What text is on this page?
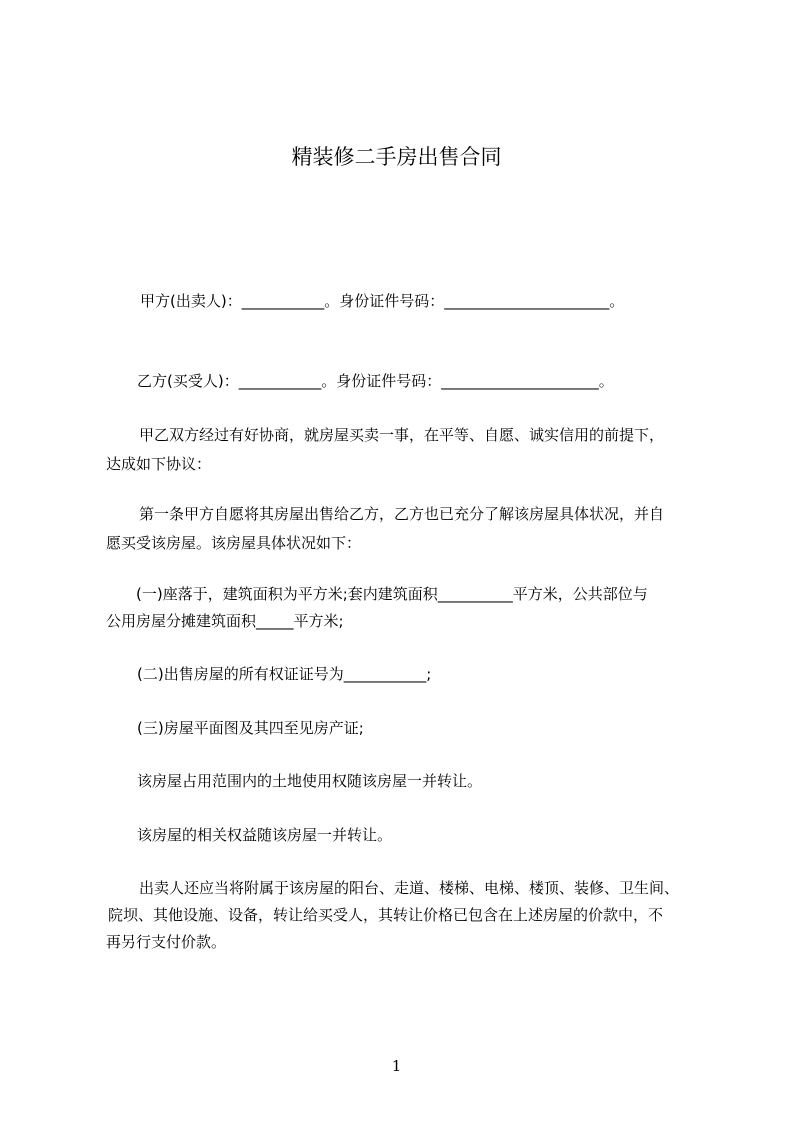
精装修二手房出售合同
甲方(出卖人)：___________。身份证件号码：______________________。
乙方(买受人)：___________。身份证件号码：_____________________。
甲乙双方经过有好协商，就房屋买卖一事，在平等、自愿、诚实信用的前提下，
达成如下协议：
第一条甲方自愿将其房屋出售给乙方，乙方也已充分了解该房屋具体状况，并自
愿买受该房屋。该房屋具体状况如下：
(一)座落于，建筑面积为平方米;套内建筑面积__________平方米，公共部位与
公用房屋分摊建筑面积_____平方米;
(二)出售房屋的所有权证证号为___________;
(三)房屋平面图及其四至见房产证;
该房屋占用范围内的土地使用权随该房屋一并转让。
该房屋的相关权益随该房屋一并转让。
出卖人还应当将附属于该房屋的阳台、走道、楼梯、电梯、楼顶、装修、卫生间、
院坝、其他设施、设备，转让给买受人，其转让价格已包含在上述房屋的价款中，不
再另行支付价款。
1
